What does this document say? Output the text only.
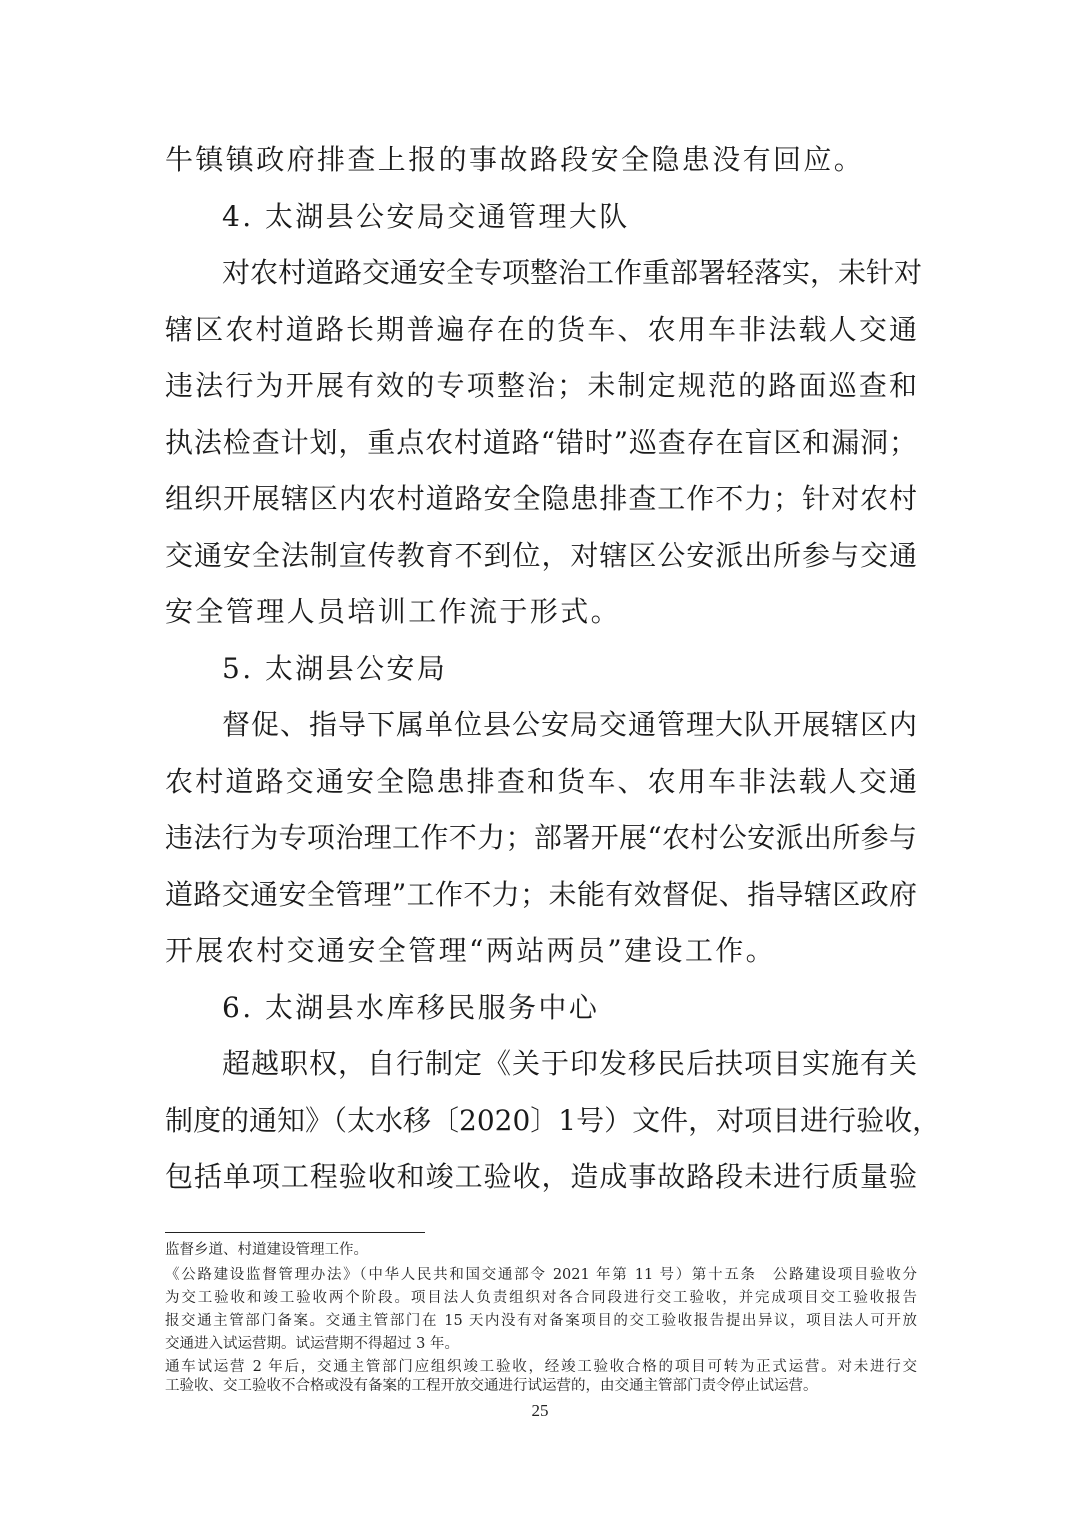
牛镇镇政府排查上报的事故路段安全隐患没有回应。
4. 太湖县公安局交通管理大队
对农村道路交通安全专项整治工作重部署轻落实，未针对
辖区农村道路长期普遍存在的货车、农用车非法载人交通
违法行为开展有效的专项整治；未制定规范的路面巡查和
执法检查计划，重点农村道路“错时”巡查存在盲区和漏洞；
组织开展辖区内农村道路安全隐患排查工作不力；针对农村
交通安全法制宣传教育不到位，对辖区公安派出所参与交通
安全管理人员培训工作流于形式。
5. 太湖县公安局
督促、指导下属单位县公安局交通管理大队开展辖区内
农村道路交通安全隐患排查和货车、农用车非法载人交通
违法行为专项治理工作不力；部署开展“农村公安派出所参与
道路交通安全管理”工作不力；未能有效督促、指导辖区政府
开展农村交通安全管理“两站两员”建设工作。
6. 太湖县水库移民服务中心
超越职权，自行制定《关于印发移民后扶项目实施有关
制度的通知》（太水移〔2020〕1号）文件，对项目进行验收，
包括单项工程验收和竣工验收，造成事故路段未进行质量验
监督乡道、村道建设管理工作。
《公路建设监督管理办法》（中华人民共和国交通部令 2021 年第 11 号）第十五条　公路建设项目验收分
为交工验收和竣工验收两个阶段。项目法人负责组织对各合同段进行交工验收，并完成项目交工验收报告
报交通主管部门备案。交通主管部门在 15 天内没有对备案项目的交工验收报告提出异议，项目法人可开放
交通进入试运营期。试运营期不得超过 3 年。
通车试运营 2 年后，交通主管部门应组织竣工验收，经竣工验收合格的项目可转为正式运营。对未进行交
工验收、交工验收不合格或没有备案的工程开放交通进行试运营的，由交通主管部门责令停止试运营。
25
